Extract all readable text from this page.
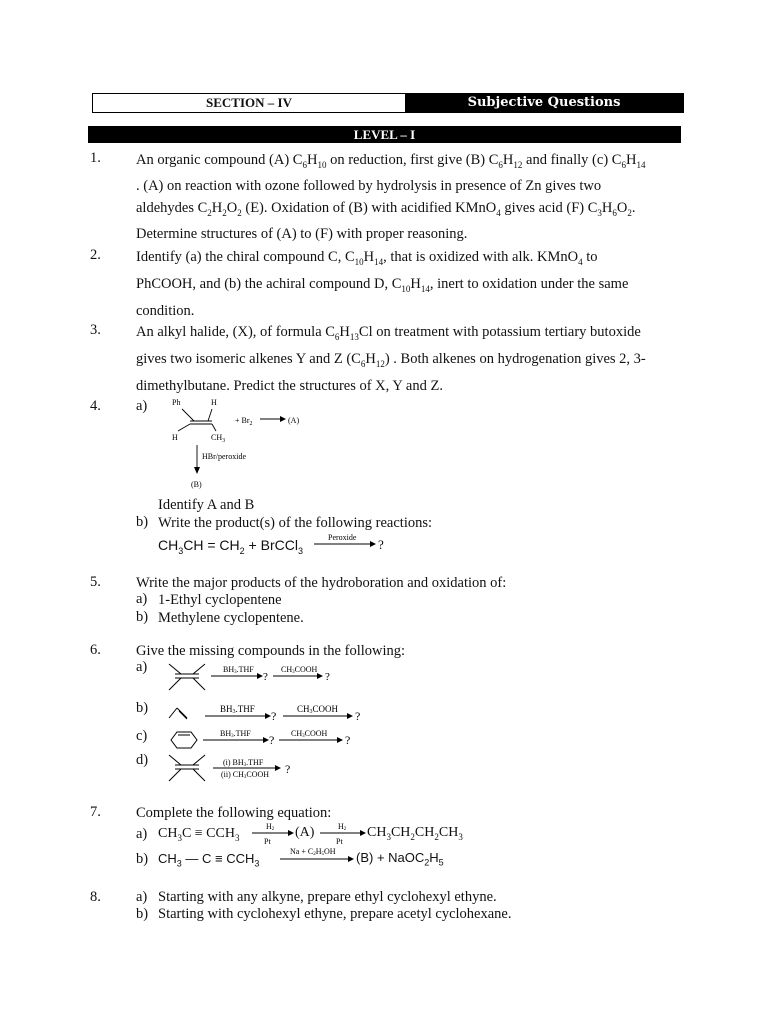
SECTION – IV	Subjective Questions
LEVEL – I
1.	An organic compound (A) $C_6H_{10}$ on reduction, first give (B) $C_6H_{12}$ and finally (c) $C_6H_{14}$
. (A) on reaction with ozone followed by hydrolysis in presence of Zn gives two
aldehydes $C_2H_2O_2$ (E). Oxidation of (B) with acidified KMnO$_4$ gives acid (F) $C_3H_6O_2$.
Determine structures of (A) to (F) with proper reasoning.
2.	Identify (a) the chiral compound C, $C_{10}H_{14}$, that is oxidized with alk. KMnO$_4$ to
PhCOOH, and (b) the achiral compound D, $C_{10}H_{14}$, inert to oxidation under the same
condition.
3.	An alkyl halide, (X), of formula $C_6H_{13}Cl$ on treatment with potassium tertiary butoxide
gives two isomeric alkenes Y and Z $(C_6H_{12})$ . Both alkenes on hydrogenation gives 2, 3-
dimethylbutane. Predict the structures of X, Y and Z.
4.	a)	Ph	H
H	$CH_3$
+ $Br_2$	(A)
HBr/peroxide
(B)
Identify A and B
b) Write the product(s) of the following reactions:
$CH_3CH = CH_2$ + BrCCl$_3$
Peroxide ?
5.	Write the major products of the hydroboration and oxidation of:
a) 1-Ethyl cyclopentene
b) Methylene cyclopentene.
6.	Give the missing compounds in the following:
a)	BH3.THF
?
CH3COOH
?
b)	BH3.THF ? CH3COOH ?
c)	BH3.THF ? CH3COOH ?
d)	(i) BH3.THF
(ii) CH3COOH ?
7.	Complete the following equation:
a) $CH_3C \equiv CCH_3$
H2
Pt
(A)	H2
Pt
$CH_3CH_2CH_2CH_3$
b) $CH_3$ — $C \equiv CCH_3$
Na + C2H5OH $(B) + NaOC_2H_5$
8.	a) Starting with any alkyne, prepare ethyl cyclohexyl ethyne.
b) Starting with cyclohexyl ethyne, prepare acetyl cyclohexane.
